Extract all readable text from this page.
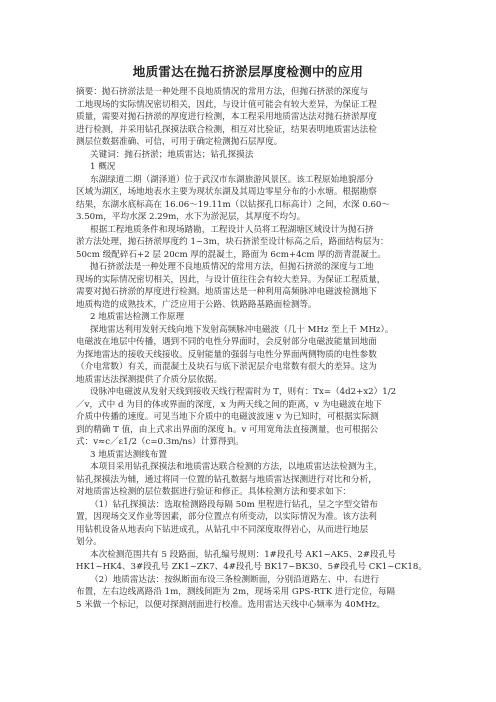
地质雷达在抛石挤淤层厚度检测中的应用
摘要：抛石挤淤法是一种处理不良地质情况的常用方法，但抛石挤淤的深度与
工地现场的实际情况密切相关，因此，与设计值可能会有较大差异，为保证工程
质量，需要对抛石挤淤的厚度进行检测，本工程采用地质雷达法对抛石挤淤厚度
进行检测，并采用钻孔探摸法联合检测，相互对比验证，结果表明地质雷达法检
测层位数据准确、可信，可用于确定检测抛石层厚度。
关键词：抛石挤淤；地质雷达；钻孔探摸法
1 概况
东湖绿道二期（湖泽道）位于武汉市东湖旅游风景区。该工程原始地貌部分
区域为湖区，场地地表水主要为现状东湖及其周边零星分布的小水塘。根据勘察
结果，东湖水底标高在 16.06～19.11m（以钻探孔口标高计）之间，水深 0.60～
3.50m，平均水深 2.29m，水下为淤泥层，其厚度不均匀。
根据工程地质条件和现场踏勘，工程设计人员将工程湖塘区域设计为抛石挤
淤方法处理，抛石挤淤厚度约 1~3m，块石挤淤至设计标高之后，路面结构层为：
50cm 级配碎石+2 层 20cm 厚的混凝土，路面为 6cm+4cm 厚的沥青混凝土。
抛石挤淤法是一种处理不良地质情况的常用方法，但抛石挤淤的深度与工地
现场的实际情况密切相关，因此，与设计值往往会有较大差异。为保证工程质量，
需要对抛石挤淤的厚度进行检测。地质雷达是一种利用高频脉冲电磁波检测地下
地质构造的成熟技术，广泛应用于公路、铁路路基路面检测等。
2 地质雷达检测工作原理
探地雷达利用发射天线向地下发射高频脉冲电磁波（几十 MHz 至上千 MHz）。
电磁波在地层中传播，遇到不同的电性分界面时，会反射部分电磁波能量回地面
为探地雷达的接收天线接收。反射能量的强弱与电性分界面两侧物质的电性参数
（介电常数）有关，而混凝土及块石与底下淤泥层介电常数有很大的差异。这为
地质雷达法探测提供了介质分层依据。
设脉冲电磁波从发射天线到接收天线行程需时为 T，则有：Tx=（4d2+x2）1/2
／v，式中 d 为目的体或界面的深度，x 为两天线之间的距离，v 为电磁波在地下
介质中传播的速度。可见当地下介质中的电磁波波速 v 为已知时，可根据实际测
到的精确 T 值，由上式求出界面的深度 h。v 可用宽角法直接测量，也可根据公
式：v≈c／ε1/2（c=0.3m/ns）计算得到。
3 地质雷达测线布置
本项目采用钻孔探摸法和地质雷达联合检测的方法，以地质雷达法检测为主，
钻孔探摸法为辅，通过将同一位置的钻孔数据与地质雷达探测进行对比和分析，
对地质雷达检测的层位数据进行验证和修正。具体检测方法和要求如下：
（1）钻孔探摸法：选取检测路段每隔 50m 里程进行钻孔，呈之字型交错布
置，因现场交叉作业等因素，部分位置点有所变动，以实际情况为准。该方法利
用钻机设备从地表向下钻进成孔，从钻孔中不同深度取得岩心，从而进行地层
划分。
本次检测范围共有 5 段路面，钻孔编号规则：1#段孔号 AK1~AK5、2#段孔号
HK1~HK4、3#段孔号 ZK1~ZK7、4#段孔号 BK17~BK30、5#段孔号 CK1~CK18。
（2）地质雷达法：按纵断面布设三条检测断面，分别沿道路左、中、右进行
布置，左右边线离路沿 1m，测线间距为 2m，现场采用 GPS-RTK 进行定位，每隔
5 米做一个标记，以便对探测剖面进行校准。选用雷达天线中心频率为 40MHz。
